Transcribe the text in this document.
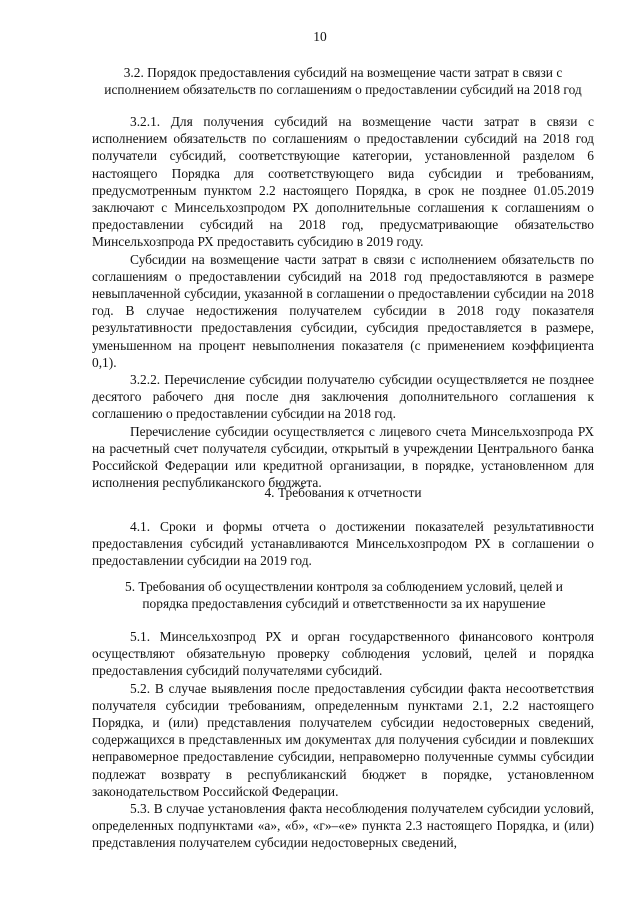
10
3.2. Порядок предоставления субсидий на возмещение части затрат в связи с исполнением обязательств по соглашениям о предоставлении субсидий на 2018 год

3.2.1. Для получения субсидий на возмещение части затрат в связи с исполнением обязательств по соглашениям о предоставлении субсидий на 2018 год получатели субсидий, соответствующие категории, установленной разделом 6 настоящего Порядка для соответствующего вида субсидии и требованиям, предусмотренным пунктом 2.2 настоящего Порядка, в срок не позднее 01.05.2019 заключают с Минсельхозпродом РХ дополнительные соглашения к соглашениям о предоставлении субсидий на 2018 год, предусматривающие обязательство Минсельхозпрода РХ предоставить субсидию в 2019 году.

Субсидии на возмещение части затрат в связи с исполнением обязательств по соглашениям о предоставлении субсидий на 2018 год предоставляются в размере невыплаченной субсидии, указанной в соглашении о предоставлении субсидии на 2018 год. В случае недостижения получателем субсидии в 2018 году показателя результативности предоставления субсидии, субсидия предоставляется в размере, уменьшенном на процент невыполнения показателя (с применением коэффициента 0,1).

3.2.2. Перечисление субсидии получателю субсидии осуществляется не позднее десятого рабочего дня после дня заключения дополнительного соглашения к соглашению о предоставлении субсидии на 2018 год.

Перечисление субсидии осуществляется с лицевого счета Минсельхозпрода РХ на расчетный счет получателя субсидии, открытый в учреждении Центрального банка Российской Федерации или кредитной организации, в порядке, установленном для исполнения республиканского бюджета.

4. Требования к отчетности

4.1. Сроки и формы отчета о достижении показателей результативности предоставления субсидий устанавливаются Минсельхозпродом РХ в соглашении о предоставлении субсидии на 2019 год.

5. Требования об осуществлении контроля за соблюдением условий, целей и порядка предоставления субсидий и ответственности за их нарушение

5.1. Минсельхозпрод РХ и орган государственного финансового контроля осуществляют обязательную проверку соблюдения условий, целей и порядка предоставления субсидий получателями субсидий.

5.2. В случае выявления после предоставления субсидии факта несоответствия получателя субсидии требованиям, определенным пунктами 2.1, 2.2 настоящего Порядка, и (или) представления получателем субсидии недостоверных сведений, содержащихся в представленных им документах для получения субсидии и повлекших неправомерное предоставление субсидии, неправомерно полученные суммы субсидии подлежат возврату в республиканский бюджет в порядке, установленном законодательством Российской Федерации.

5.3. В случае установления факта несоблюдения получателем субсидии условий, определенных подпунктами «а», «б», «г»–«е» пункта 2.3 настоящего Порядка, и (или) представления получателем субсидии недостоверных сведений,
